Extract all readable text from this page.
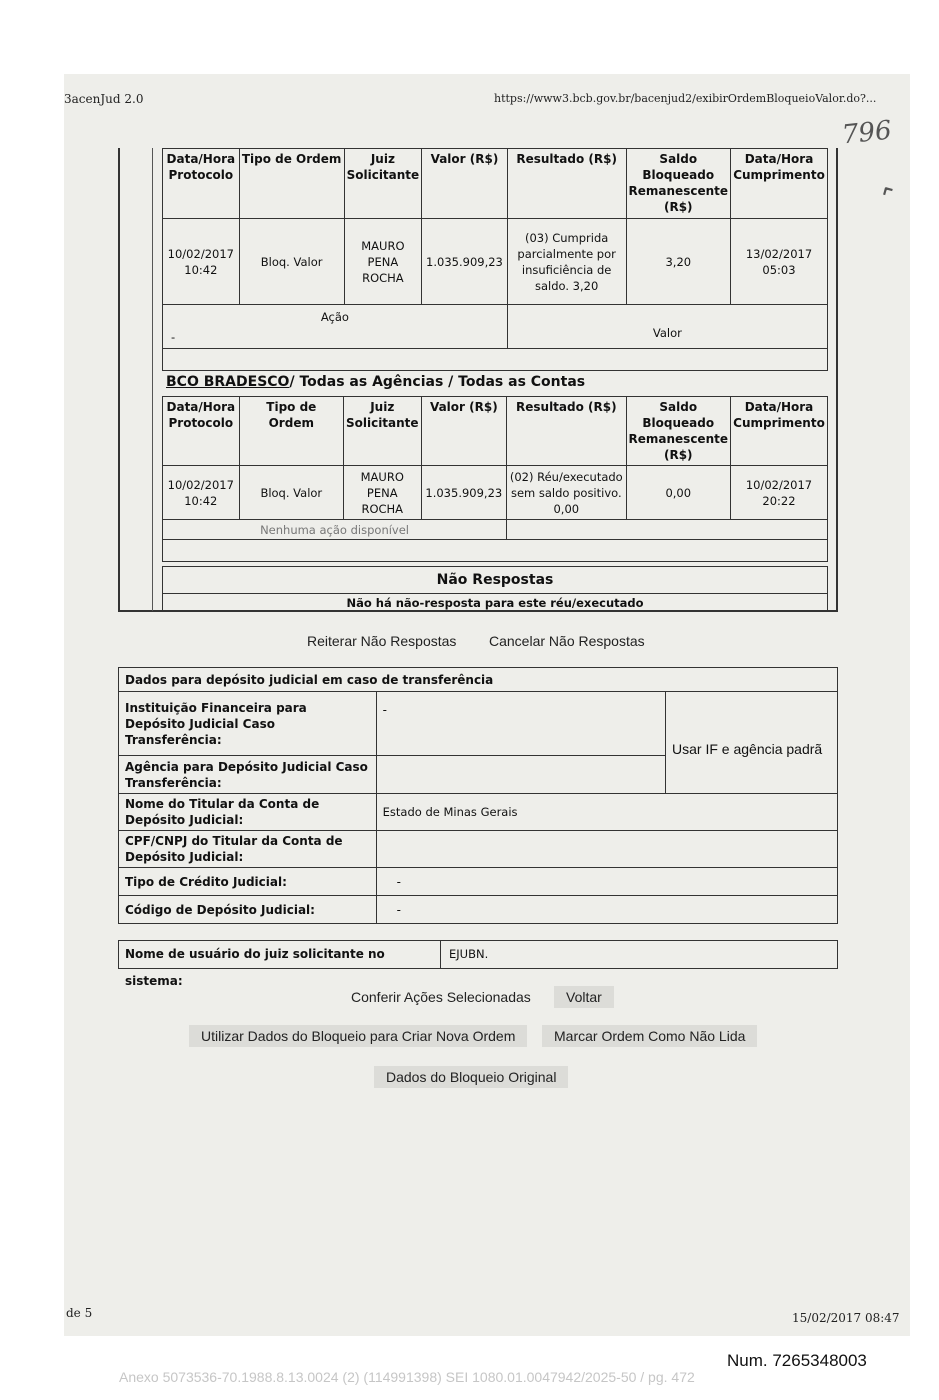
3acenJud 2.0	https://www3.bcb.gov.br/bacenjud2/exibirOrdemBloqueioValor.do?...
796
⌃
Data/Hora Protocolo	Tipo de Ordem	Juiz Solicitante	Valor (R$)	Resultado (R$)	Saldo Bloqueado Remanescente (R$)	Data/Hora Cumprimento
10/02/2017 10:42	Bloq. Valor	MAURO PENA ROCHA	1.035.909,23	(03) Cumprida parcialmente por insuficiência de saldo. 3,20	3,20	13/02/2017 05:03

Ação
-				Valor		

BCO BRADESCO/ Todas as Agências / Todas as Contas
Data/Hora Protocolo	Tipo de Ordem	Juiz Solicitante	Valor (R$)	Resultado (R$)	Saldo Bloqueado Remanescente (R$)	Data/Hora Cumprimento
10/02/2017 10:42	Bloq. Valor	MAURO PENA ROCHA	1.035.909,23	(02) Réu/executado sem saldo positivo. 0,00	0,00	10/02/2017 20:22
Nenhuma ação disponível						

Não Respostas
Não há não-resposta para este réu/executado
Reiterar Não Respostas Cancelar Não Respostas
Dados para depósito judicial em caso de transferência		
Instituição Financeira para Depósito Judicial Caso Transferência:	-	Usar IF e agência padrã
Agência para Depósito Judicial Caso Transferência:		
Nome do Titular da Conta de Depósito Judicial:	Estado de Minas Gerais	
CPF/CNPJ do Titular da Conta de Depósito Judicial:		
Tipo de Crédito Judicial:	-	
Código de Depósito Judicial:	-	
Nome de usuário do juiz solicitante no sistema:
EJUBN.
Conferir Ações Selecionadas	Voltar
Utilizar Dados do Bloqueio para Criar Nova Ordem	Marcar Ordem Como Não Lida
Dados do Bloqueio Original
de 5	15/02/2017 08:47
Num. 7265348003
Anexo 5073536-70.1988.8.13.0024 (2) (114991398) SEI 1080.01.0047942/2025-50 / pg. 472
